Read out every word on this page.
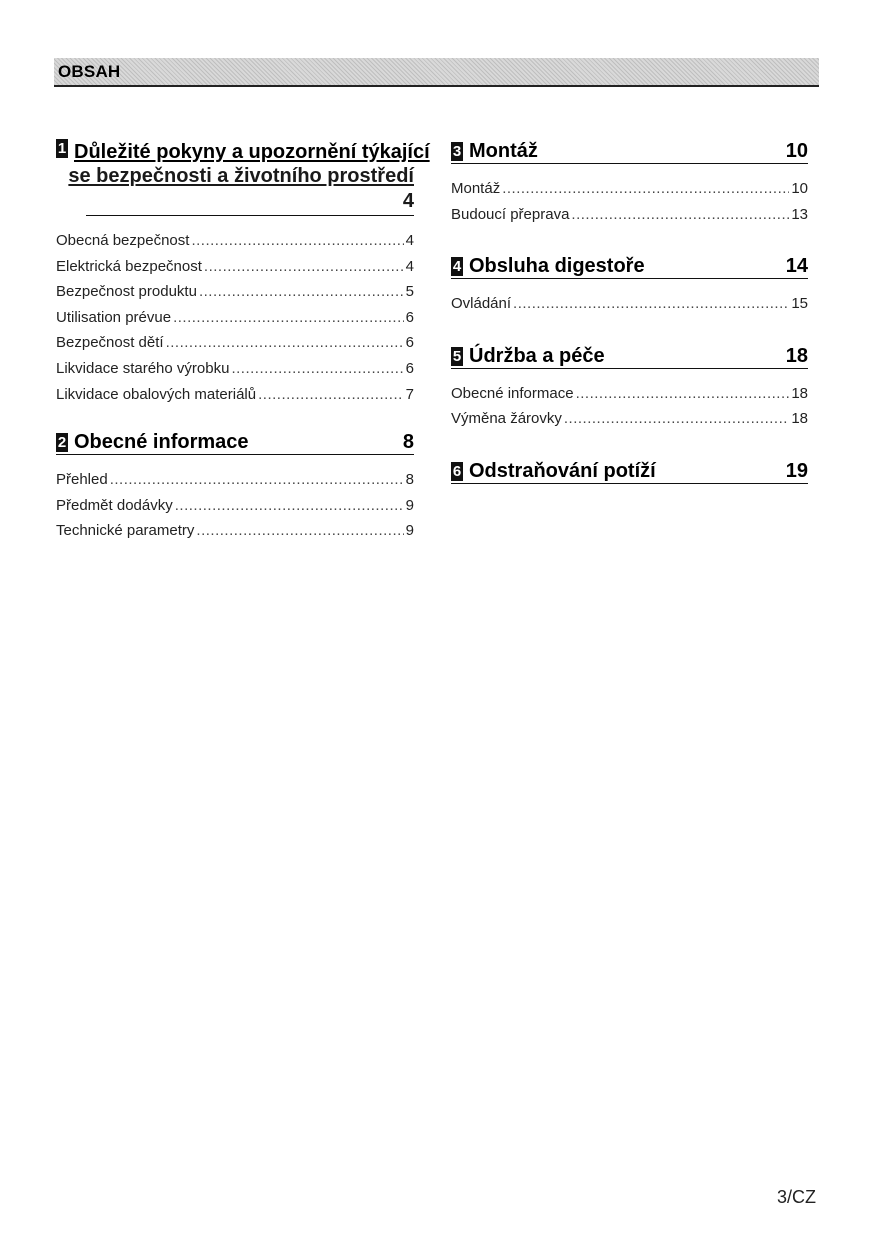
OBSAH
1 Důležité pokyny a upozornění týkající
se bezpečnosti a životního prostředí
4
Obecná bezpečnost .....	4
Elektrická bezpečnost .....	4
Bezpečnost produktu .....	5
Utilisation prévue .....	6
Bezpečnost dětí .....	6
Likvidace starého výrobku .....	6
Likvidace obalových materiálů .....	7
2 Obecné informace	8
Přehled .....	8
Předmět dodávky .....	9
Technické parametry .....	9
3 Montáž	10
Montáž .....	10
Budoucí přeprava .....	13
4 Obsluha digestoře	14
Ovládání .....	15
5 Údržba a péče	18
Obecné informace .....	18
Výměna žárovky .....	18
6 Odstraňování potíží	19
3/CZ
